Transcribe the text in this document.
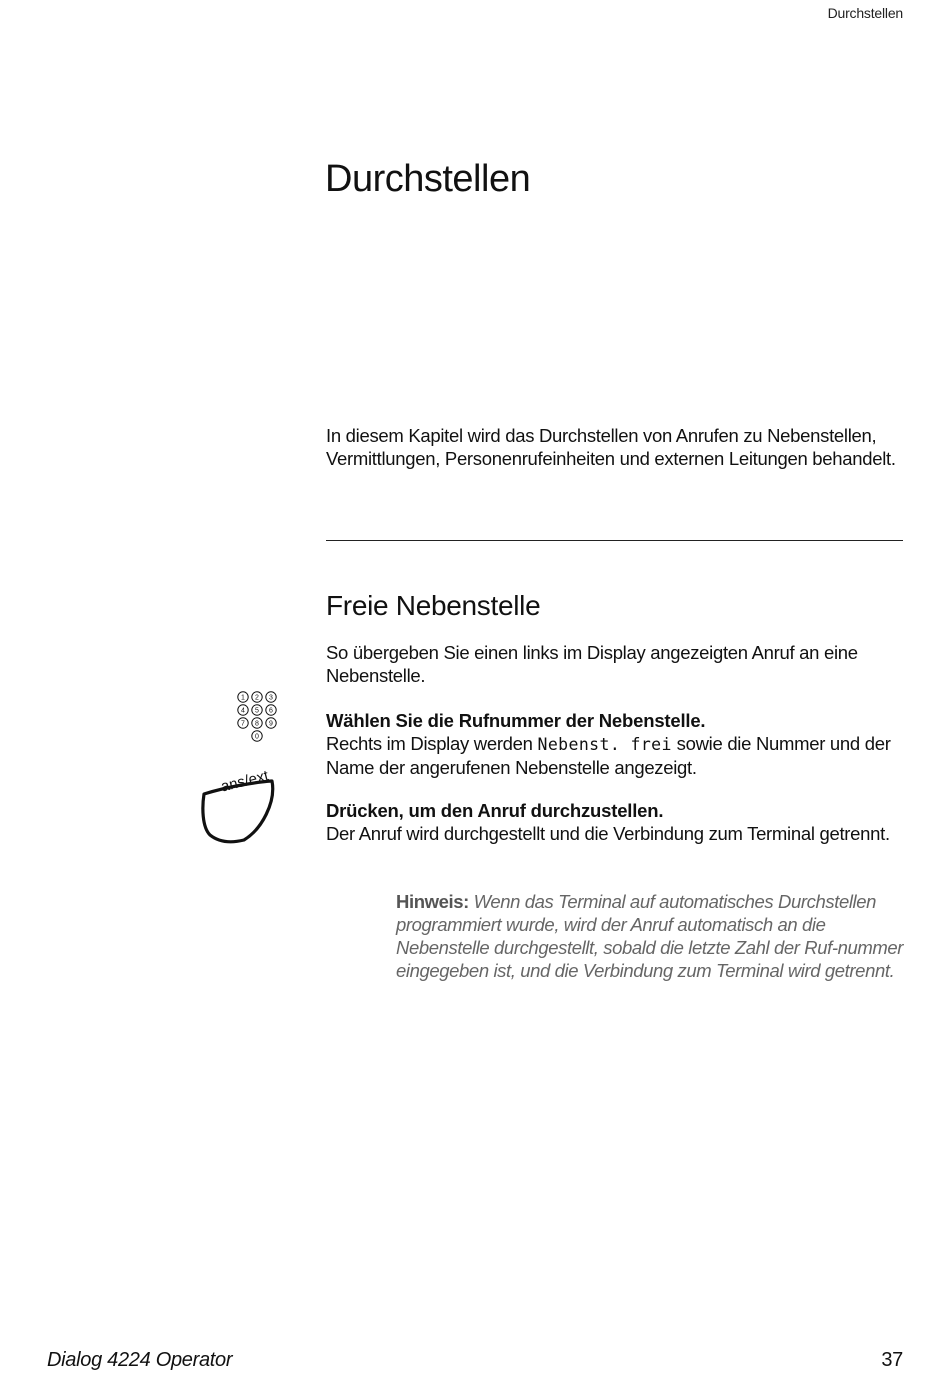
Durchstellen
Durchstellen

In diesem Kapitel wird das Durchstellen von Anrufen zu Nebenstellen, Vermittlungen, Personenrufeinheiten und externen Leitungen behandelt.

Freie Nebenstelle

So übergeben Sie einen links im Display angezeigten Anruf an eine Nebenstelle.

1 2 3
4 5 6
7 8 9
0

Wählen Sie die Rufnummer der Nebenstelle.
Rechts im Display werden Nebenst. frei sowie die Nummer und der Name der angerufenen Nebenstelle angezeigt.

ans/ext

Drücken, um den Anruf durchzustellen.
Der Anruf wird durchgestellt und die Verbindung zum Terminal getrennt.

Hinweis: Wenn das Terminal auf automatisches Durchstellen programmiert wurde, wird der Anruf automatisch an die Nebenstelle durchgestellt, sobald die letzte Zahl der Ruf-nummer eingegeben ist, und die Verbindung zum Terminal wird getrennt.

Dialog 4224 Operator	37
